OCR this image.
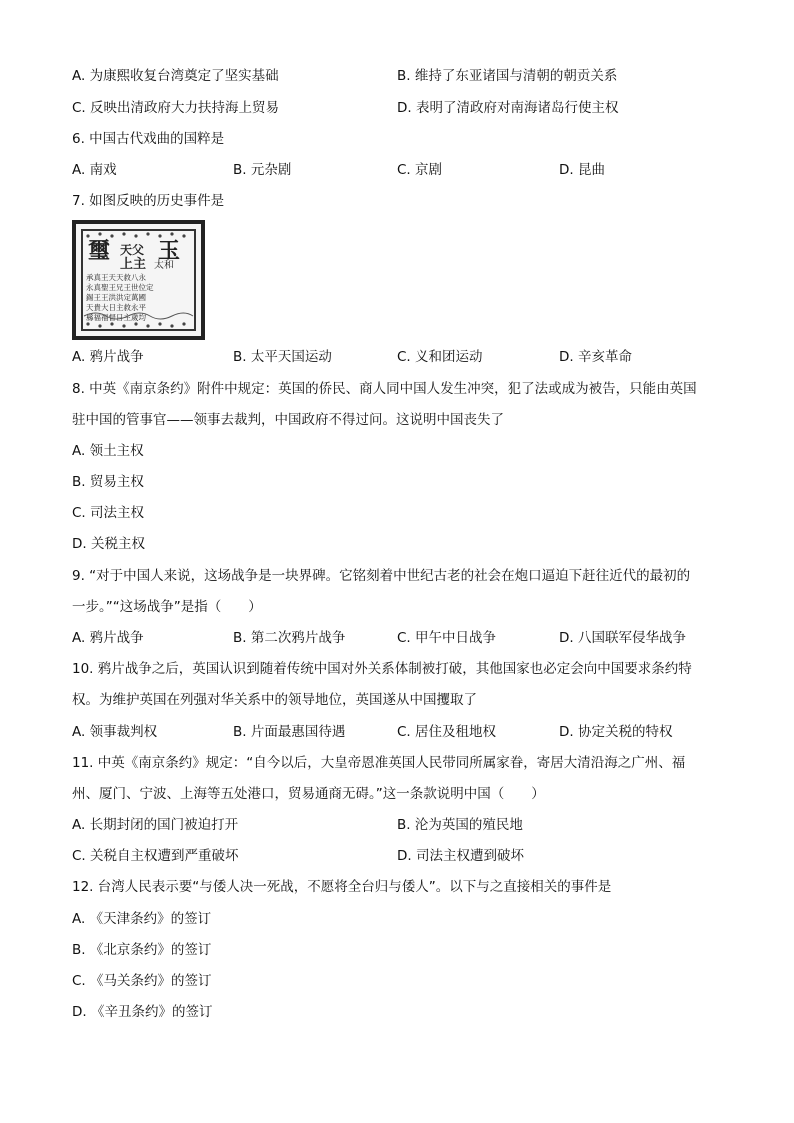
A. 为康熙收复台湾奠定了坚实基础	B. 维持了东亚诸国与清朝的朝贡关系
C. 反映出清政府大力扶持海上贸易	D. 表明了清政府对南海诸岛行使主权
6. 中国古代戏曲的国粹是
A. 南戏	B. 元杂剧	C. 京剧	D. 昆曲
7. 如图反映的历史事件是
璽 天父 玉
上主 太和
承真王天天救八永
永真聖王兄王世位定
錫王王洪洪定萬國
天貴大日主救永平
縣福福督日主歲均
A. 鸦片战争	B. 太平天国运动	C. 义和团运动	D. 辛亥革命
8. 中英《南京条约》附件中规定：英国的侨民、商人同中国人发生冲突，犯了法或成为被告，只能由英国
驻中国的管事官——领事去裁判，中国政府不得过问。这说明中国丧失了
A. 领土主权
B. 贸易主权
C. 司法主权
D. 关税主权
9. “对于中国人来说，这场战争是一块界碑。它铭刻着中世纪古老的社会在炮口逼迫下赶往近代的最初的
一步。”“这场战争”是指（　　）
A. 鸦片战争	B. 第二次鸦片战争	C. 甲午中日战争	D. 八国联军侵华战争
10. 鸦片战争之后，英国认识到随着传统中国对外关系体制被打破，其他国家也必定会向中国要求条约特
权。为维护英国在列强对华关系中的领导地位，英国遂从中国攫取了
A. 领事裁判权	B. 片面最惠国待遇	C. 居住及租地权	D. 协定关税的特权
11. 中英《南京条约》规定：“自今以后，大皇帝恩准英国人民带同所属家眷，寄居大清沿海之广州、福
州、厦门、宁波、上海等五处港口，贸易通商无碍。”这一条款说明中国（　　）
A. 长期封闭的国门被迫打开	B. 沦为英国的殖民地
C. 关税自主权遭到严重破坏	D. 司法主权遭到破坏
12. 台湾人民表示要“与倭人决一死战，不愿将全台归与倭人”。以下与之直接相关的事件是
A. 《天津条约》的签订
B. 《北京条约》的签订
C. 《马关条约》的签订
D. 《辛丑条约》的签订
